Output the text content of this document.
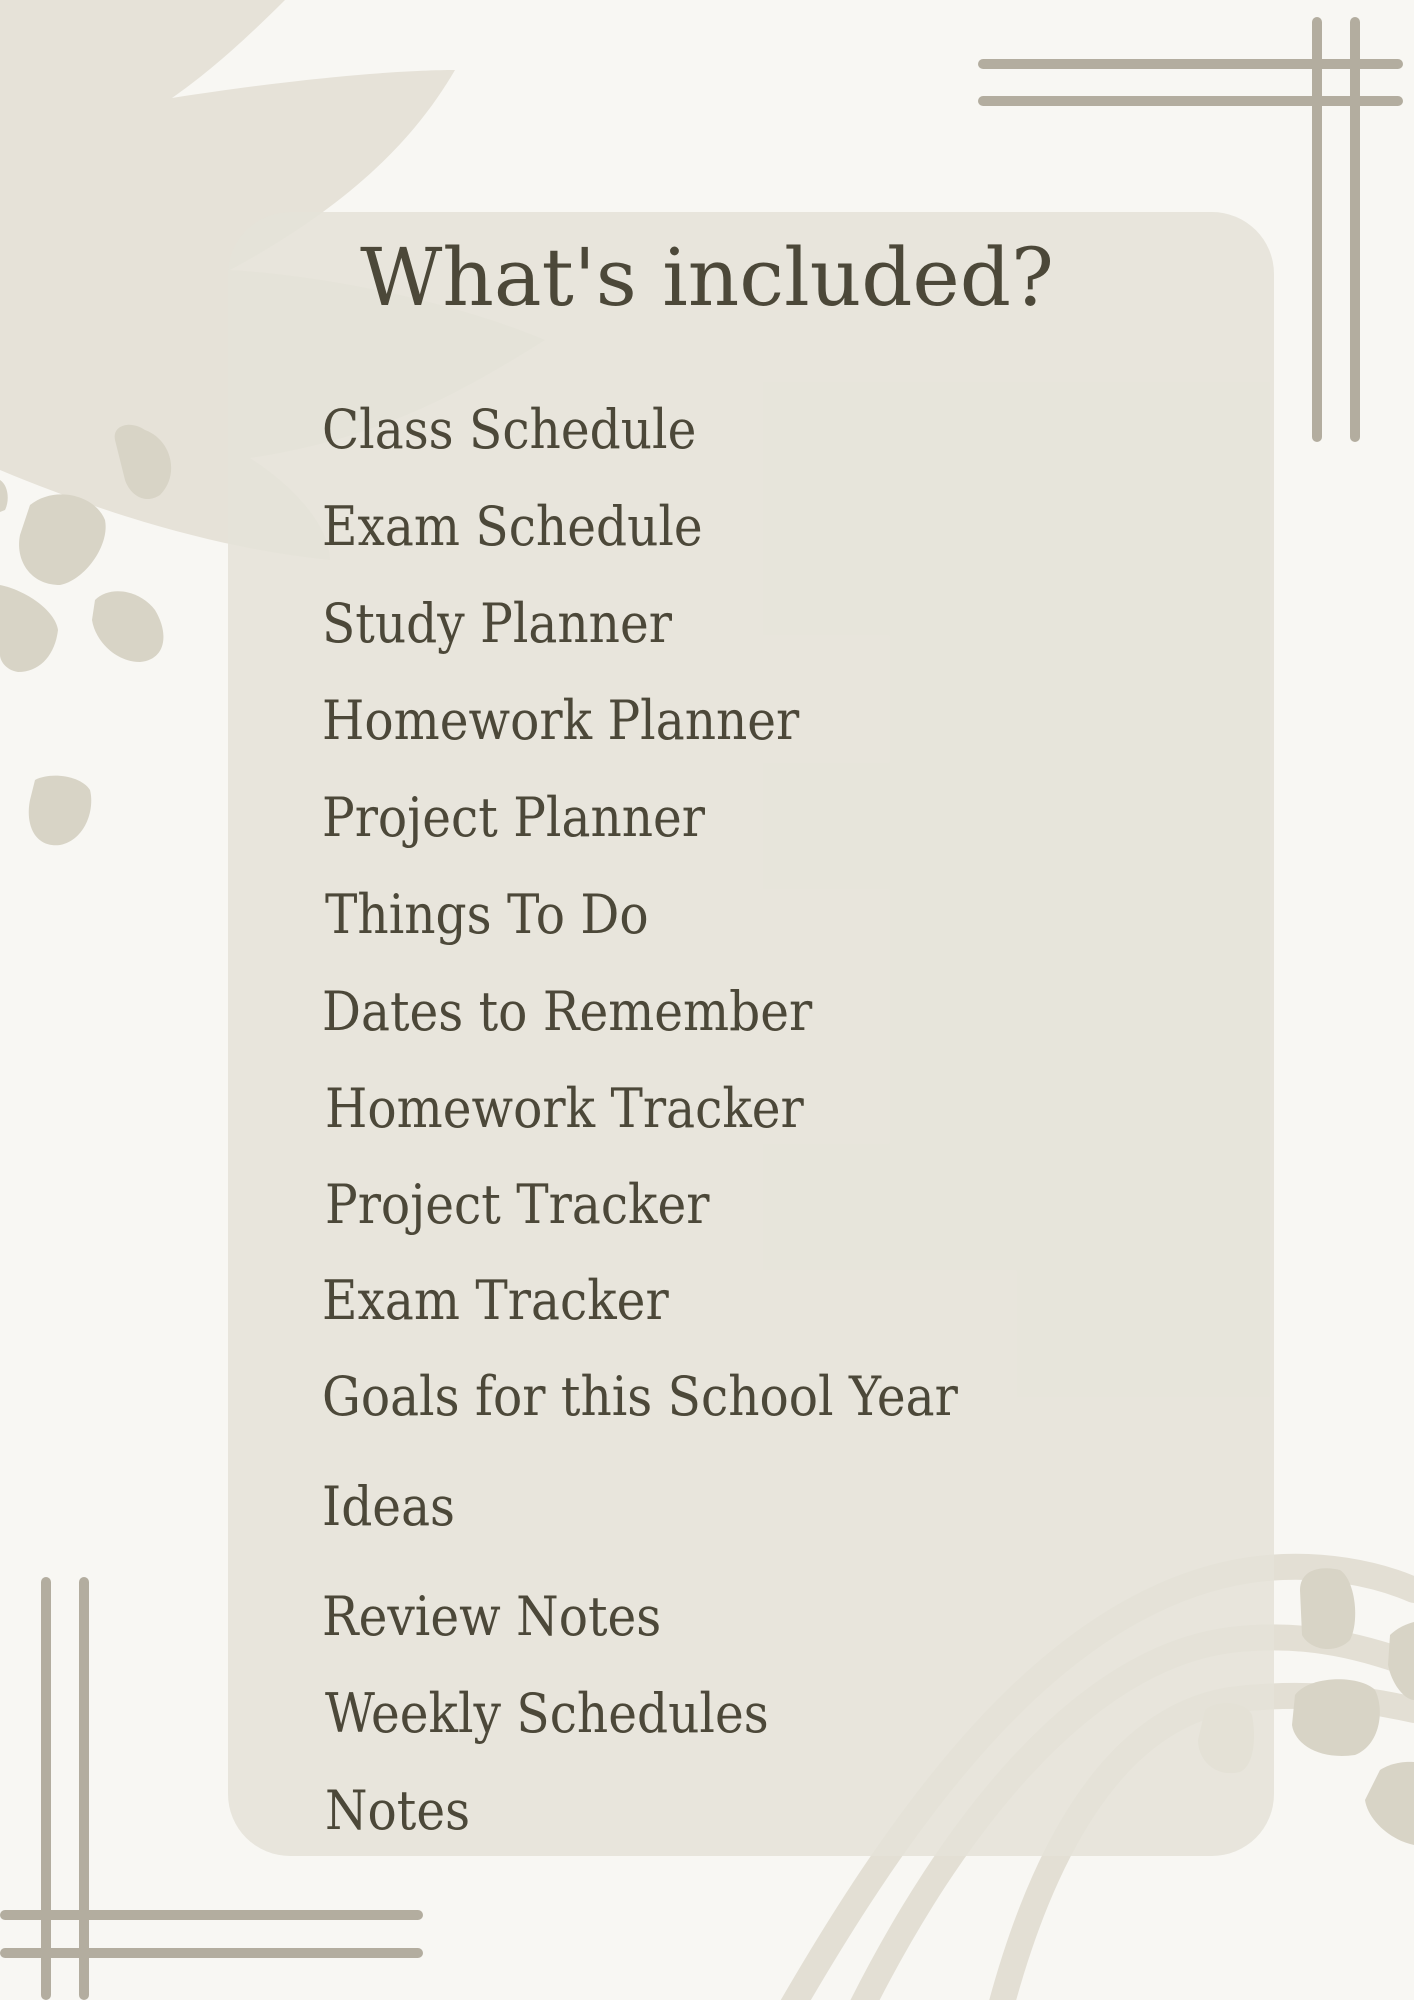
What's included?
Class Schedule
Exam Schedule
Study Planner
Homework Planner
Project Planner
Things To Do
Dates to Remember
Homework Tracker
Project Tracker
Exam Tracker
Goals for this School Year
Ideas
Review Notes
Weekly Schedules
Notes
